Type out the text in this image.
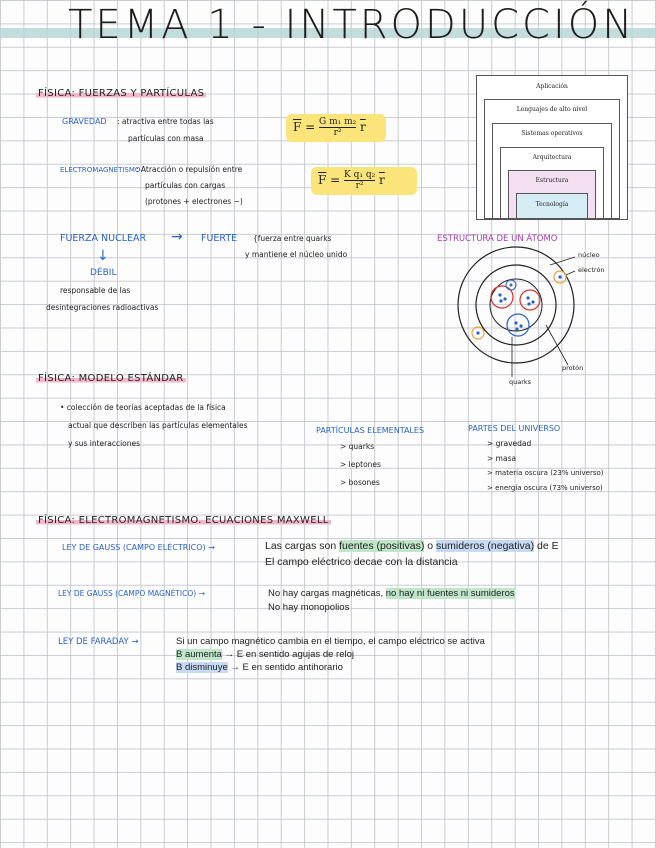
TEMA 1 - INTRODUCCIÓN
FÍSICA: FUERZAS Y PARTÍCULAS
GRAVEDAD : atractiva entre todas las
partículas con masa
$\overline{F} = \frac{\text{G m₁ m₂}}{\text{r²}} \overline{r}$
ELECTROMAGNETISMO
: Atracción o repulsión entre
partículas con cargas
(protones + electrones −)
$\overline{F} = \frac{\text{K q₁ q₂}}{\text{r²}} \overline{r}$
FUERZA NUCLEAR → FUERTE {fuerza entre quarks
y mantiene el núcleo unido
↓
DÉBIL
responsable de las
desintegraciones radioactivas
Aplicación
Lenguajes de alto nivel
Sistemas operativos
Arquitectura
Estructura
Tecnología
ESTRUCTURA DE UN ÁTOMO
núcleo
electrón
quarks
protón
FÍSICA: MODELO ESTÁNDAR
• colección de teorías aceptadas de la física
actual que describen las partículas elementales
y sus interacciones
PARTÍCULAS ELEMENTALES
> quarks
> leptones
> bosones
PARTES DEL UNIVERSO
> gravedad
> masa
> materia oscura (23% universo)
> energía oscura (73% universo)
FÍSICA: ELECTROMAGNETISMO. ECUACIONES MAXWELL
LEY DE GAUSS (CAMPO ELÉCTRICO) →	Las cargas son fuentes (positivas) o sumideros (negativa) de E
El campo eléctrico decae con la distancia
LEY DE GAUSS (CAMPO MAGNÉTICO) →	No hay cargas magnéticas, no hay ni fuentes ni sumideros
No hay monopolios
LEY DE FARADAY →	Si un campo magnético cambia en el tiempo, el campo eléctrico se activa
B aumenta → E en sentido agujas de reloj
B disminuye → E en sentido antihorario
